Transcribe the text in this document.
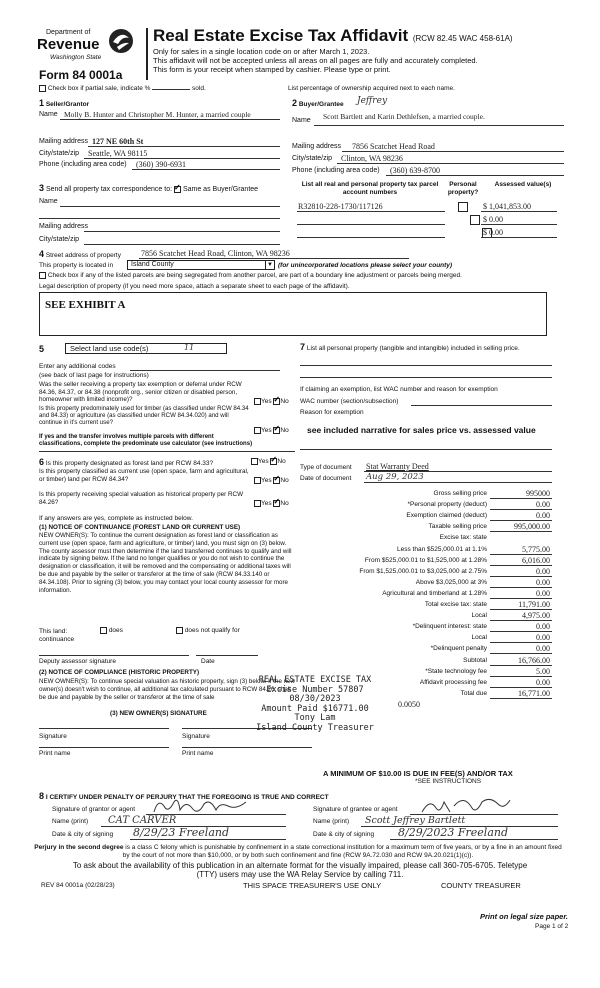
Department of
Revenue
Washington State
Form 84 0001a
Real Estate Excise Tax Affidavit (RCW 82.45 WAC 458-61A)
Only for sales in a single location code on or after March 1, 2023.
This affidavit will not be accepted unless all areas on all pages are fully and accurately completed.
This form is your receipt when stamped by cashier. Please type or print.
Check box if partial sale, indicate %	sold.	List percentage of ownership acquired next to each name.
1 Seller/Grantor
Name Molly B. Hunter and Christopher M. Hunter, a married couple
Mailing address 127 NE 60th St
City/state/zip Seattle, WA 98115
Phone (including area code) (360) 390-6931
2 Buyer/Grantee Jeffrey
Name Scott Bartlett and Karin Dethlefsen, a married couple.
Mailing address 7856 Scatchet Head Road
City/state/zip Clinton, WA 98236
Phone (including area code) (360) 639-8700
3 Send all property tax correspondence to: ✓ Same as Buyer/Grantee
Name
Mailing address
City/state/zip
List all real and personal property tax parcel account numbers
Personal property?
Assessed value(s)
R32810-228-1730/117126
	$ 1,041,853.00
$ 0.00
$ 0.00
4 Street address of property	7856 Scatchet Head Road, Clinton, WA 98236
This property is located in	Island County	▼ (for unincorporated locations please select your county)
Check box if any of the listed parcels are being segregated from another parcel, are part of a boundary line adjustment or parcels being merged.
Legal description of property (if you need more space, attach a separate sheet to each page of the affidavit).
SEE EXHIBIT A
5	Select land use code(s)	11
Enter any additional codes
(see back of last page for instructions)
Was the seller receiving a property tax exemption or deferral under RCW 84.36, 84.37, or 84.38 (nonprofit org., senior citizen or disabled person, homeowner with limited income)?	Yes ✓ No
Is this property predominately used for timber (as classified under RCW 84.34 and 84.33) or agriculture (as classified under RCW 84.34.020) and will continue in it's current use?
If yes and the transfer involves multiple parcels with different classifications, complete the predominate use calculator (see instructions)
Yes ✓ No
6 Is this property designated as forest land per RCW 84.33?	Yes ✓ No
Is this property classified as current use (open space, farm and agricultural, or timber) land per RCW 84.34?	Yes ✓ No
Is this property receiving special valuation as historical property per RCW 84.26?	Yes ✓ No
If any answers are yes, complete as instructed below.
(1) NOTICE OF CONTINUANCE (FOREST LAND OR CURRENT USE)
NEW OWNER(S): To continue the current designation as forest land or classification as current use (open space, farm and agriculture, or timber) land, you must sign on (3) below. The county assessor must then determine if the land transferred continues to qualify and will indicate by signing below. If the land no longer qualifies or you do not wish to continue the designation or classification, it will be removed and the compensating or additional taxes will be due and payable by the seller or transferor at the time of sale (RCW 84.33.140 or 84.34.108). Prior to signing (3) below, you may contact your local county assessor for more information.
This land:	does	does not qualify for
continuance
Deputy assessor signature	Date
(2) NOTICE OF COMPLIANCE (HISTORIC PROPERTY)
NEW OWNER(S): To continue special valuation as historic property, sign (3) below. If the new owner(s) doesn't wish to continue, all additional tax calculated pursuant to RCW 84.26, shall be due and payable by the seller or transferor at the time of sale
(3) NEW OWNER(S) SIGNATURE
Signature	Signature
Print name	Print name
7 List all personal property (tangible and intangible) included in selling price.
If claiming an exemption, list WAC number and reason for exemption
WAC number (section/subsection)
Reason for exemption
see included narrative for sales price vs. assessed value
Type of document Stat Warranty Deed
Date of document Aug 29, 2023
Gross selling price	995000
*Personal property (deduct)	0.00
Exemption claimed (deduct)	0.00
Taxable selling price	995,000.00
Excise tax: state
Less than $525,000.01 at 1.1%	5,775.00
From $525,000.01 to $1,525,000 at 1.28%	6,016.00
From $1,525,000.01 to $3,025,000 at 2.75%	0.00
Above $3,025,000 at 3%	0.00
Agricultural and timberland at 1.28%	0.00
Total excise tax: state	11,791.00
Local	4,975.00
*Delinquent interest: state	0.00
Local	0.00
*Delinquent penalty	0.00
Subtotal	16,766.00
*State technology fee	5.00
Affidavit processing fee	0.00
Total due	16,771.00
0.0050
A MINIMUM OF $10.00 IS DUE IN FEE(S) AND/OR TAX
*SEE INSTRUCTIONS
REAL ESTATE EXCISE TAX
Excise Number 57807
08/30/2023
Amount Paid $16771.00
Tony Lam
Island County Treasurer
8 I CERTIFY UNDER PENALTY OF PERJURY THAT THE FOREGOING IS TRUE AND CORRECT
Signature of grantor or agent
Name (print) CAT CARVER
Date & city of signing 8/29/23 Freeland
Signature of grantee or agent
Name (print) Scott Jeffrey Bartlett
Date & city of signing 8/29/2023 Freeland
Perjury in the second degree is a class C felony which is punishable by confinement in a state correctional institution for a maximum term of five years, or by a fine in an amount fixed by the court of not more than $10,000, or by both such confinement and fine (RCW 9A.72.030 and RCW 9A.20.021(1)(c)).
To ask about the availability of this publication in an alternate format for the visually impaired, please call 360-705-6705. Teletype (TTY) users may use the WA Relay Service by calling 711.
REV 84 0001a (02/28/23)	THIS SPACE TREASURER'S USE ONLY	COUNTY TREASURER
Print on legal size paper.
Page 1 of 2
